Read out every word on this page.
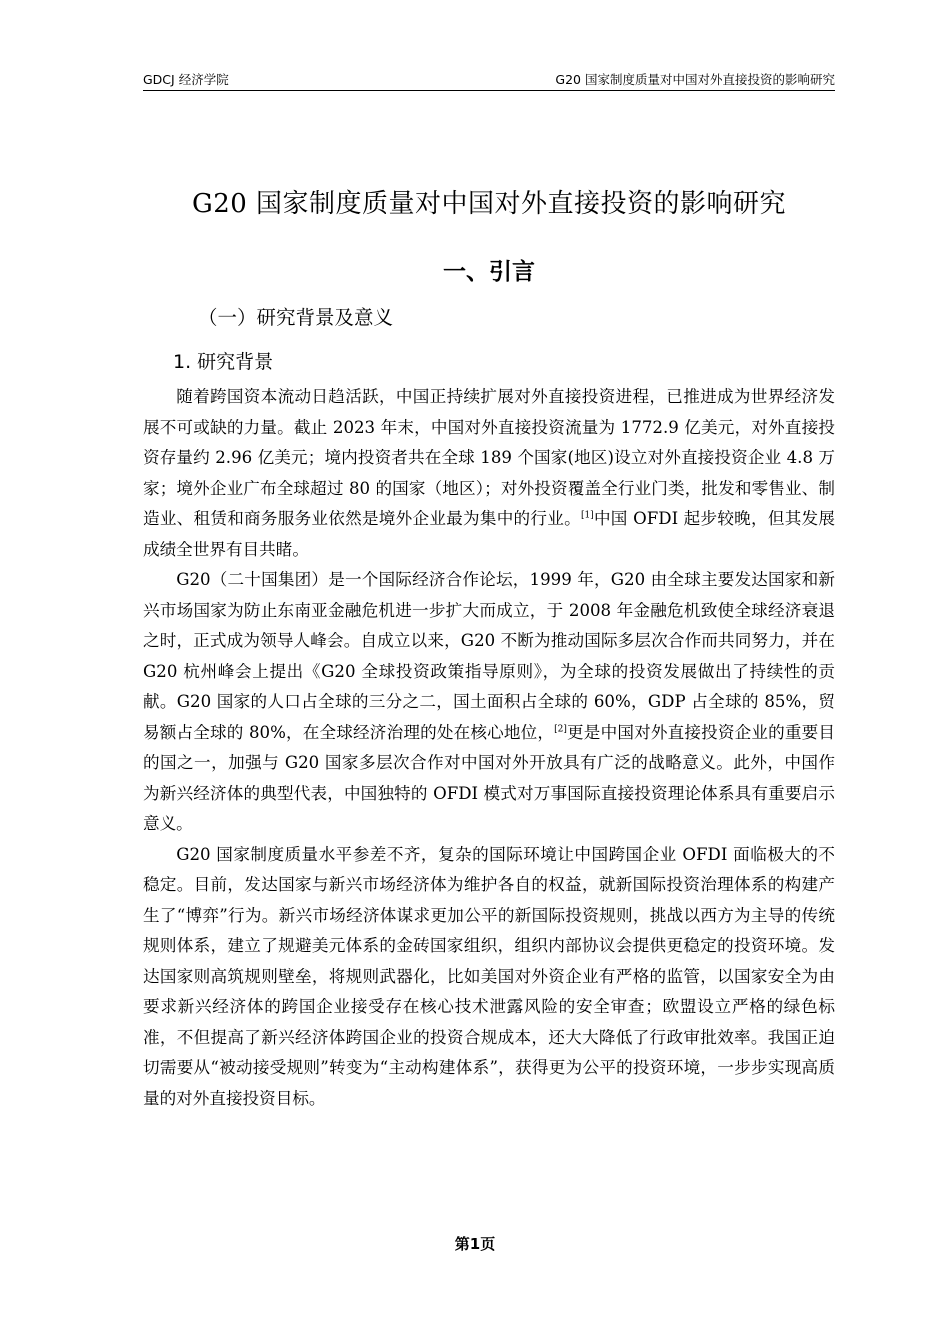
GDCJ 经济学院	G20 国家制度质量对中国对外直接投资的影响研究
G20 国家制度质量对中国对外直接投资的影响研究
一、引言
（一）研究背景及意义
1. 研究背景

随着跨国资本流动日趋活跃，中国正持续扩展对外直接投资进程，已推进成为世界经济发展不可或缺的力量。截止 2023 年末，中国对外直接投资流量为 1772.9 亿美元，对外直接投资存量约 2.96 亿美元；境内投资者共在全球 189 个国家(地区)设立对外直接投资企业 4.8 万家；境外企业广布全球超过 80 的国家（地区）；对外投资覆盖全行业门类，批发和零售业、制造业、租赁和商务服务业依然是境外企业最为集中的行业。[1]中国 OFDI 起步较晚，但其发展成绩全世界有目共睹。

G20（二十国集团）是一个国际经济合作论坛，1999 年，G20 由全球主要发达国家和新兴市场国家为防止东南亚金融危机进一步扩大而成立，于 2008 年金融危机致使全球经济衰退之时，正式成为领导人峰会。自成立以来，G20 不断为推动国际多层次合作而共同努力，并在 G20 杭州峰会上提出《G20 全球投资政策指导原则》，为全球的投资发展做出了持续性的贡献。G20 国家的人口占全球的三分之二，国土面积占全球的 60%，GDP 占全球的 85%，贸易额占全球的 80%，在全球经济治理的处在核心地位，[2]更是中国对外直接投资企业的重要目的国之一，加强与 G20 国家多层次合作对中国对外开放具有广泛的战略意义。此外，中国作为新兴经济体的典型代表，中国独特的 OFDI 模式对万事国际直接投资理论体系具有重要启示意义。

G20 国家制度质量水平参差不齐，复杂的国际环境让中国跨国企业 OFDI 面临极大的不稳定。目前，发达国家与新兴市场经济体为维护各自的权益，就新国际投资治理体系的构建产生了“博弈”行为。新兴市场经济体谋求更加公平的新国际投资规则，挑战以西方为主导的传统规则体系，建立了规避美元体系的金砖国家组织，组织内部协议会提供更稳定的投资环境。发达国家则高筑规则壁垒，将规则武器化，比如美国对外资企业有严格的监管，以国家安全为由要求新兴经济体的跨国企业接受存在核心技术泄露风险的安全审查；欧盟设立严格的绿色标准，不但提高了新兴经济体跨国企业的投资合规成本，还大大降低了行政审批效率。我国正迫切需要从“被动接受规则”转变为“主动构建体系”，获得更为公平的投资环境，一步步实现高质量的对外直接投资目标。

第1页
